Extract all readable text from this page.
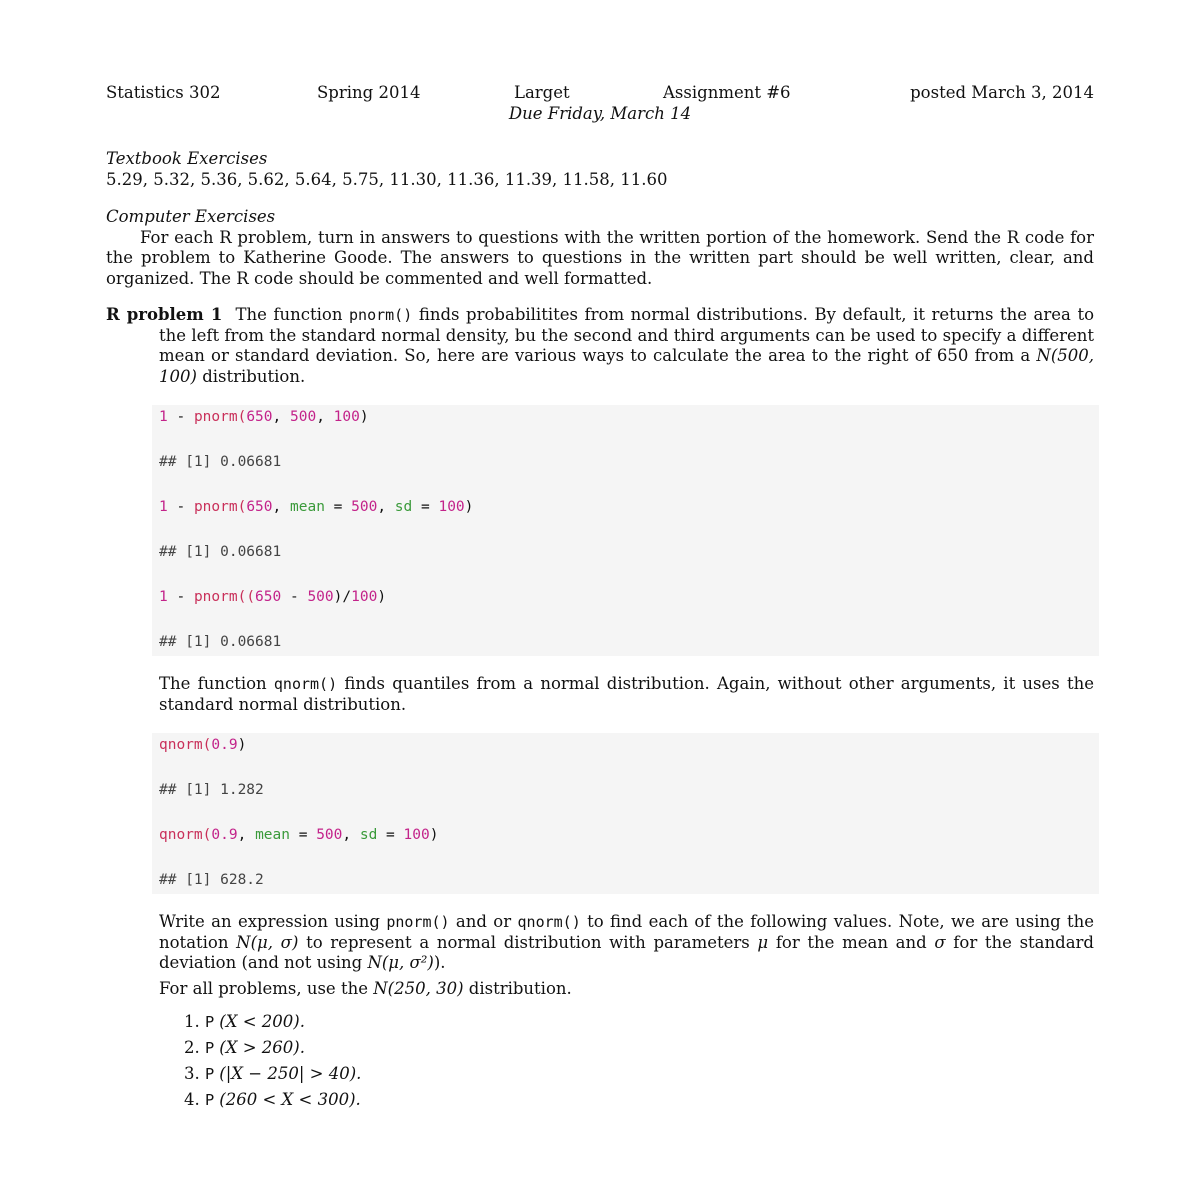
Statistics 302	Spring 2014	Larget	Assignment #6	posted March 3, 2014
Due Friday, March 14
Textbook Exercises
5.29, 5.32, 5.36, 5.62, 5.64, 5.75, 11.30, 11.36, 11.39, 11.58, 11.60
Computer Exercises
For each R problem, turn in answers to questions with the written portion of the homework. Send the R code for the problem to Katherine Goode. The answers to questions in the written part should be well written, clear, and organized. The R code should be commented and well formatted.
R problem 1 The function pnorm() finds probabilitites from normal distributions. By default, it returns the area to the left from the standard normal density, bu the second and third arguments can be used to specify a different mean or standard deviation. So, here are various ways to calculate the area to the right of 650 from a N(500, 100) distribution.
1 - pnorm(650, 500, 100)
## [1] 0.06681
1 - pnorm(650, mean = 500, sd = 100)
## [1] 0.06681
1 - pnorm((650 - 500)/100)
## [1] 0.06681
The function qnorm() finds quantiles from a normal distribution. Again, without other arguments, it uses the standard normal distribution.
qnorm(0.9)
## [1] 1.282
qnorm(0.9, mean = 500, sd = 100)
## [1] 628.2
Write an expression using pnorm() and or qnorm() to find each of the following values. Note, we are using the notation N(μ, σ) to represent a normal distribution with parameters μ for the mean and σ for the standard deviation (and not using N(μ, σ²)).
For all problems, use the N(250, 30) distribution.
1. P (X < 200).
2. P (X > 260).
3. P (|X − 250| > 40).
4. P (260 < X < 300).
